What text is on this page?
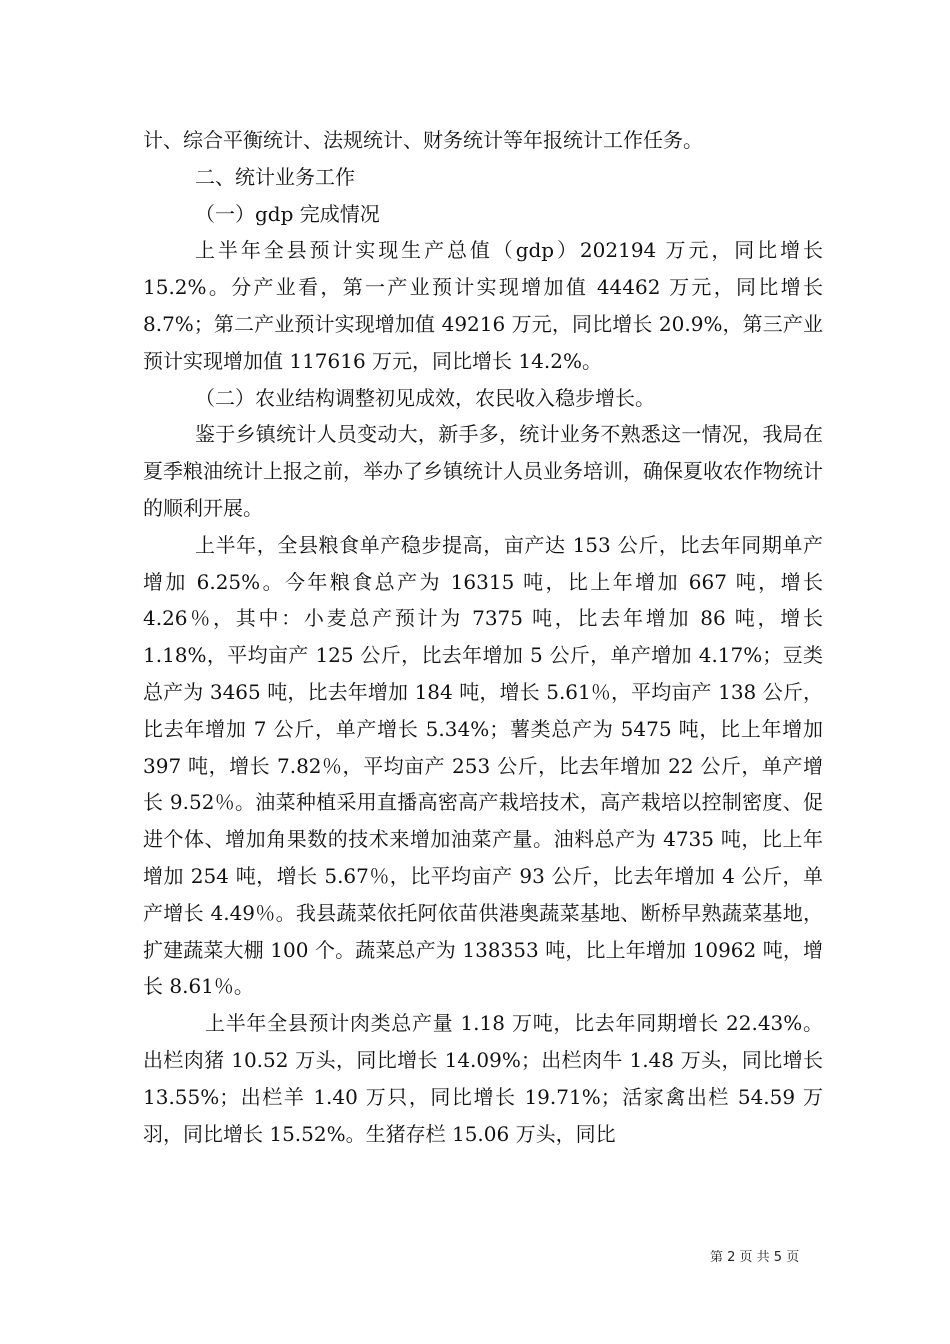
计、综合平衡统计、法规统计、财务统计等年报统计工作任务。

二、统计业务工作

（一）gdp 完成情况

上半年全县预计实现生产总值（gdp）202194 万元，同比增长 15.2%。分产业看，第一产业预计实现增加值 44462 万元，同比增长 8.7%；第二产业预计实现增加值 49216 万元，同比增长 20.9%，第三产业预计实现增加值 117616 万元，同比增长 14.2%。

（二）农业结构调整初见成效，农民收入稳步增长。

鉴于乡镇统计人员变动大，新手多，统计业务不熟悉这一情况，我局在夏季粮油统计上报之前，举办了乡镇统计人员业务培训，确保夏收农作物统计的顺利开展。

上半年，全县粮食单产稳步提高，亩产达 153 公斤，比去年同期单产增加 6.25%。今年粮食总产为 16315 吨，比上年增加 667 吨，增长 4.26％，其中：小麦总产预计为 7375 吨，比去年增加 86 吨，增长 1.18%，平均亩产 125 公斤，比去年增加 5 公斤，单产增加 4.17%；豆类总产为 3465 吨，比去年增加 184 吨，增长 5.61％，平均亩产 138 公斤，比去年增加 7 公斤，单产增长 5.34%；薯类总产为 5475 吨，比上年增加 397 吨，增长 7.82％，平均亩产 253 公斤，比去年增加 22 公斤，单产增长 9.52％。油菜种植采用直播高密高产栽培技术，高产栽培以控制密度、促进个体、增加角果数的技术来增加油菜产量。油料总产为 4735 吨，比上年增加 254 吨，增长 5.67％，比平均亩产 93 公斤，比去年增加 4 公斤，单产增长 4.49％。我县蔬菜依托阿依苗供港奥蔬菜基地、断桥早熟蔬菜基地，扩建蔬菜大棚 100 个。蔬菜总产为 138353 吨，比上年增加 10962 吨，增长 8.61％。

上半年全县预计肉类总产量 1.18 万吨，比去年同期增长 22.43%。出栏肉猪 10.52 万头，同比增长 14.09%；出栏肉牛 1.48 万头，同比增长 13.55%；出栏羊 1.40 万只，同比增长 19.71%；活家禽出栏 54.59 万羽，同比增长 15.52%。生猪存栏 15.06 万头，同比

第 2 页 共 5 页
